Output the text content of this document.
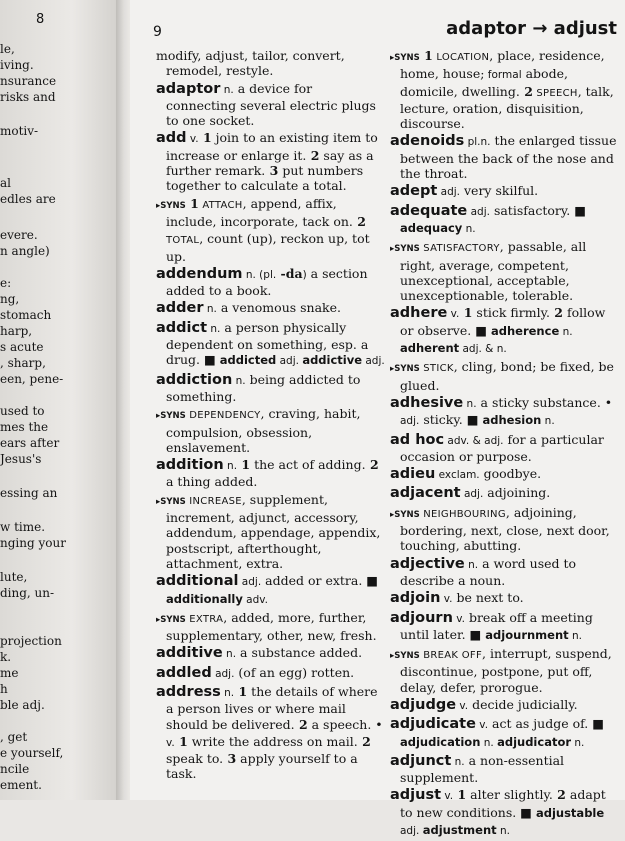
8
le,
iving.
nsurance
risks and
motiv-
al
edles are
evere.
n angle)
e:
ng,
stomach
harp,
s acute
, sharp,
een, pene-
used to
mes the
ears after
Jesus's
essing an
w time.
nging your
lute,
ding, un-
projection
k.
me
h
ble adj.
, get
e yourself,
ncile
ement.
9	adaptor → adjust
modify, adjust, tailor, convert, remodel, restyle.
adaptor n. a device for connecting several electric plugs to one socket.
add v. 1 join to an existing item to increase or enlarge it. 2 say as a further remark. 3 put numbers together to calculate a total.
▸SYNS 1 ATTACH, append, affix, include, incorporate, tack on. 2 TOTAL, count (up), reckon up, tot up.
addendum n. (pl. -da) a section added to a book.
adder n. a venomous snake.
addict n. a person physically dependent on something, esp. a drug. ■ addicted adj. addictive adj.
addiction n. being addicted to something.
▸SYNS DEPENDENCY, craving, habit, compulsion, obsession, enslavement.
addition n. 1 the act of adding. 2 a thing added.
▸SYNS INCREASE, supplement, increment, adjunct, accessory, addendum, appendage, appendix, postscript, afterthought, attachment, extra.
additional adj. added or extra. ■ additionally adv.
▸SYNS EXTRA, added, more, further, supplementary, other, new, fresh.
additive n. a substance added.
addled adj. (of an egg) rotten.
address n. 1 the details of where a person lives or where mail should be delivered. 2 a speech. • v. 1 write the address on mail. 2 speak to. 3 apply yourself to a task.
▸SYNS 1 LOCATION, place, residence, home, house; formal abode, domicile, dwelling. 2 SPEECH, talk, lecture, oration, disquisition, discourse.
adenoids pl.n. the enlarged tissue between the back of the nose and the throat.
adept adj. very skilful.
adequate adj. satisfactory. ■ adequacy n.
▸SYNS SATISFACTORY, passable, all right, average, competent, unexceptional, acceptable, unexceptionable, tolerable.
adhere v. 1 stick firmly. 2 follow or observe. ■ adherence n. adherent adj. & n.
▸SYNS STICK, cling, bond; be fixed, be glued.
adhesive n. a sticky substance. • adj. sticky. ■ adhesion n.
ad hoc adv. & adj. for a particular occasion or purpose.
adieu exclam. goodbye.
adjacent adj. adjoining.
▸SYNS NEIGHBOURING, adjoining, bordering, next, close, next door, touching, abutting.
adjective n. a word used to describe a noun.
adjoin v. be next to.
adjourn v. break off a meeting until later. ■ adjournment n.
▸SYNS BREAK OFF, interrupt, suspend, discontinue, postpone, put off, delay, defer, prorogue.
adjudge v. decide judicially.
adjudicate v. act as judge of. ■ adjudication n. adjudicator n.
adjunct n. a non-essential supplement.
adjust v. 1 alter slightly. 2 adapt to new conditions. ■ adjustable adj. adjustment n.
